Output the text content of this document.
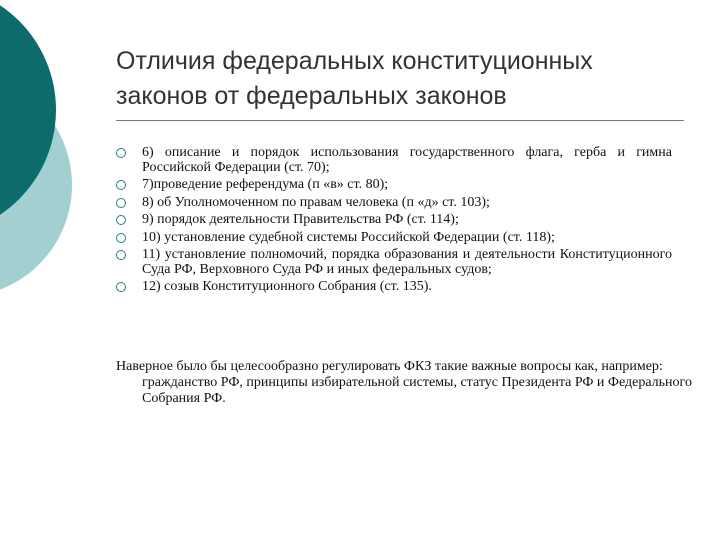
Отличия федеральных конституционных
законов от федеральных законов
6) описание и порядок использования государственного флага, герба и гимна Российской Федерации (ст. 70);
7)проведение референдума (п «в» ст. 80);
8) об Уполномоченном по правам человека (п «д» ст. 103);
9) порядок деятельности Правительства РФ (ст. 114);
10) установление судебной системы Российской Федерации (ст. 118);
11) установление полномочий, порядка образования и деятельности Конституционного Суда РФ, Верховного Суда РФ и иных федеральных судов;
12) созыв Конституционного Собрания (ст. 135).

Наверное было бы целесообразно регулировать ФКЗ такие важные вопросы как, например: гражданство РФ, принципы избирательной системы, статус Президента РФ и Федерального Собрания РФ.
